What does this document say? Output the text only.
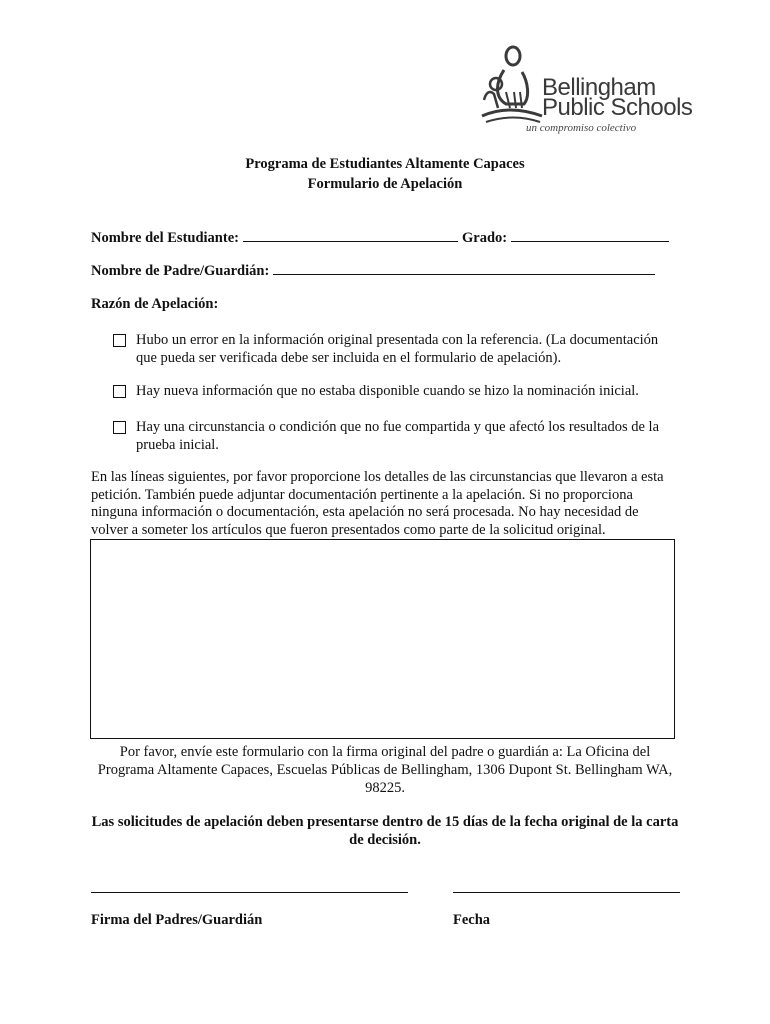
Bellingham
Public Schools
un compromiso colectivo
Programa de Estudiantes Altamente Capaces
Formulario de Apelación
Nombre del Estudiante:	Grado:
Nombre de Padre/Guardián:
Razón de Apelación:
Hubo un error en la información original presentada con la referencia. (La documentación
que pueda ser verificada debe ser incluida en el formulario de apelación).
Hay nueva información que no estaba disponible cuando se hizo la nominación inicial.
Hay una circunstancia o condición que no fue compartida y que afectó los resultados de la
prueba inicial.
En las líneas siguientes, por favor proporcione los detalles de las circunstancias que llevaron a esta
petición. También puede adjuntar documentación pertinente a la apelación. Si no proporciona
ninguna información o documentación, esta apelación no será procesada. No hay necesidad de
volver a someter los artículos que fueron presentados como parte de la solicitud original.
Por favor, envíe este formulario con la firma original del padre o guardián a: La Oficina del
Programa Altamente Capaces, Escuelas Públicas de Bellingham, 1306 Dupont St. Bellingham WA,
98225.
Las solicitudes de apelación deben presentarse dentro de 15 días de la fecha original de la carta
de decisión.
Firma del Padres/Guardián	Fecha
